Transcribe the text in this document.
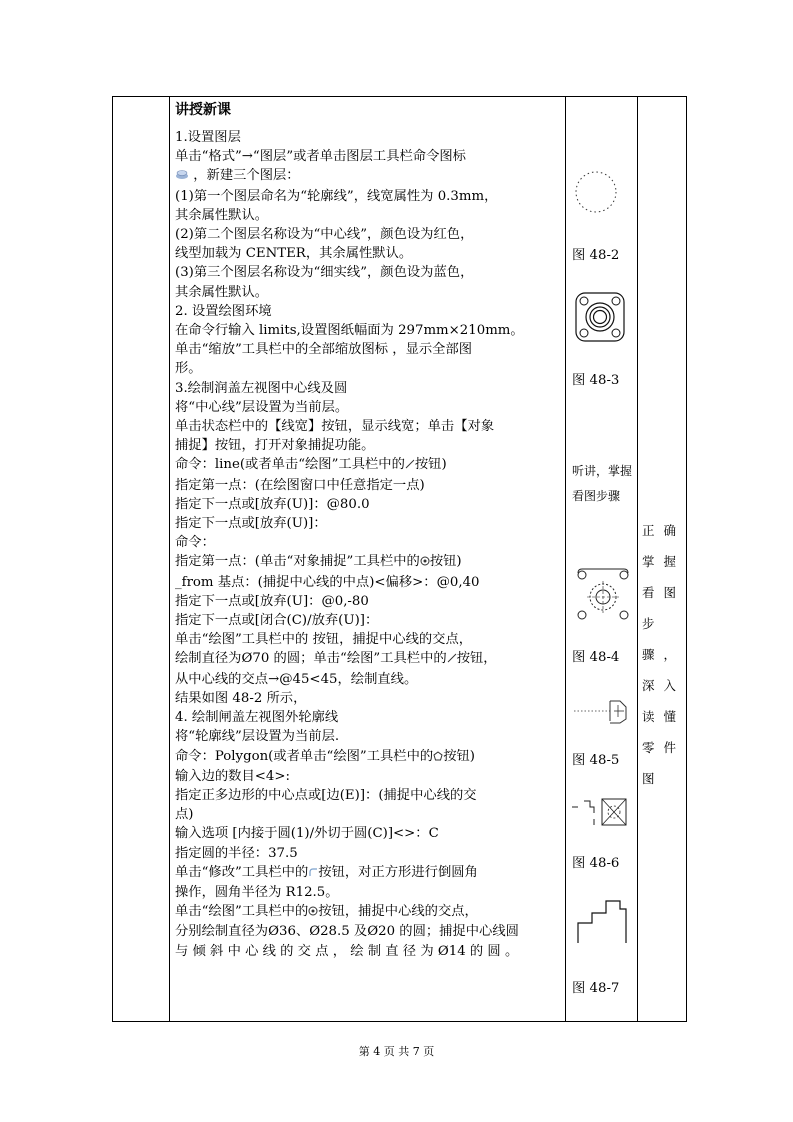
讲授新课

1.设置图层

单击“格式”→“图层”或者单击图层工具栏命令图标

，新建三个图层：

(1)第一个图层命名为“轮廓线”，线宽属性为 0.3mm，

其余属性默认。

(2)第二个图层名称设为“中心线”，颜色设为红色，

线型加载为 CENTER，其余属性默认。

(3)第三个图层名称设为“细实线”，颜色设为蓝色，

其余属性默认。

2. 设置绘图环境

在命令行输入 limits,设置图纸幅面为 297mm×210mm。

单击“缩放”工具栏中的全部缩放图标 ，显示全部图

形。

3.绘制润盖左视图中心线及圆

将“中心线”层设置为当前层。

单击状态栏中的【线宽】按钮，显示线宽；单击【对象

捕捉】按钮，打开对象捕捉功能。

命令：line(或者单击“绘图”工具栏中的 按钮)

指定第一点：(在绘图窗口中任意指定一点)

指定下一点或[放弃(U)]：@80.0

指定下一点或[放弃(U)]：

命令：

指定第一点：(单击“对象捕捉”工具栏中的 按钮)

_from 基点：(捕捉中心线的中点)<偏移>：@0,40

指定下一点或[放弃(U]：@0,-80

指定下一点或[闭合(C)/放弃(U)]：

单击“绘图”工具栏中的 按钮，捕捉中心线的交点，

绘制直径为Ø70 的圆；单击“绘图”工具栏中的 按钮，

从中心线的交点→@45<45，绘制直线。

结果如图 48-2 所示，

4. 绘制闸盖左视图外轮廓线

将“轮廓线”层设置为当前层.

命令：Polygon(或者单击“绘图”工具栏中的 按钮)

输入边的数目<4>:

指定正多边形的中心点或[边(E)]：(捕捉中心线的交

点)

输入选项 [内接于圆(1)/外切于圆(C)]<>：C

指定圆的半径：37.5

单击“修改”工具栏中的 按钮，对正方形进行倒圆角

操作，圆角半径为 R12.5。

单击“绘图”工具栏中的 按钮，捕捉中心线的交点，

分别绘制直径为Ø36、Ø28.5 及Ø20 的圆；捕捉中心线圆

与 倾 斜 中 心 线 的 交 点 ， 绘 制 直 径 为 Ø14 的 圆 。

图 48-2
图 48-3
听讲，掌握看图步骤
图 48-4
图 48-5
图 48-6
图 48-7
正确掌握看图步骤，深入读懂零件图
第 4 页 共 7 页
